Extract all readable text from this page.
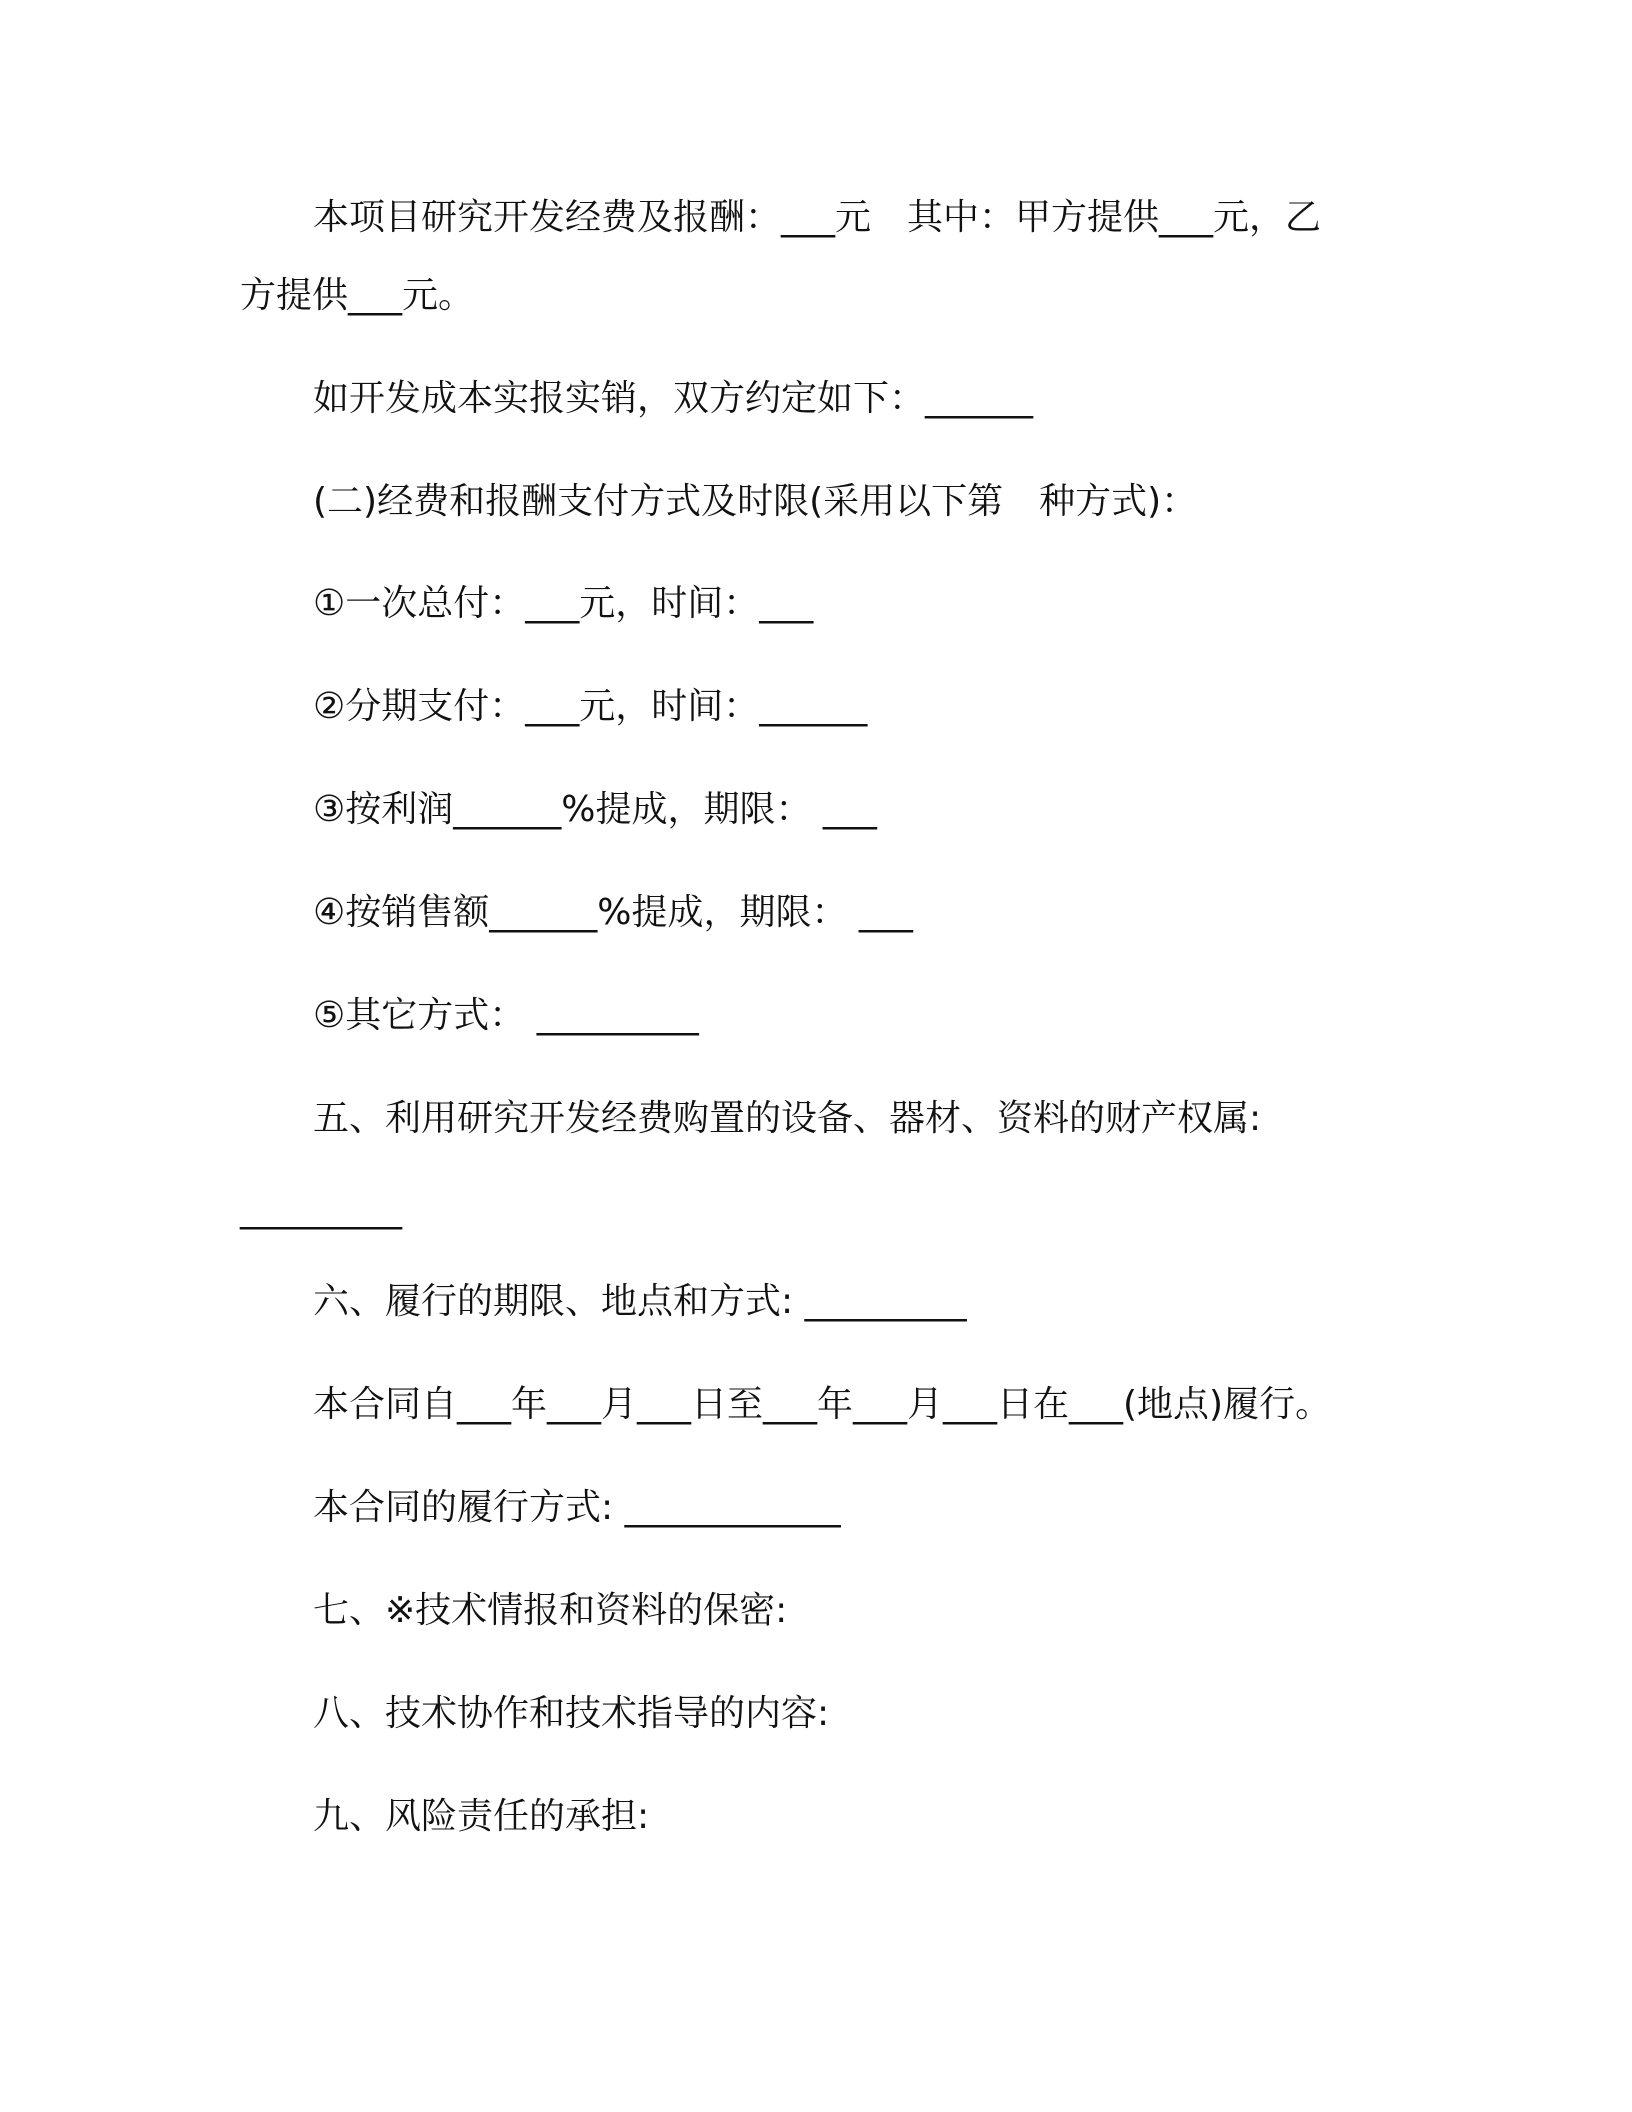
本项目研究开发经费及报酬：___元　其中：甲方提供___元，乙

方提供___元。

如开发成本实报实销，双方约定如下：______

(二)经费和报酬支付方式及时限(采用以下第　种方式)：

①一次总付：___元，时间：___

②分期支付：___元，时间：______

③按利润______%提成，期限： ___

④按销售额______%提成，期限： ___

⑤其它方式： _________

五、利用研究开发经费购置的设备、器材、资料的财产权属:

_________

六、履行的期限、地点和方式: _________

本合同自___年___月___日至___年___月___日在___(地点)履行。

本合同的履行方式: ____________

七、※技术情报和资料的保密:

八、技术协作和技术指导的内容:

九、风险责任的承担:
